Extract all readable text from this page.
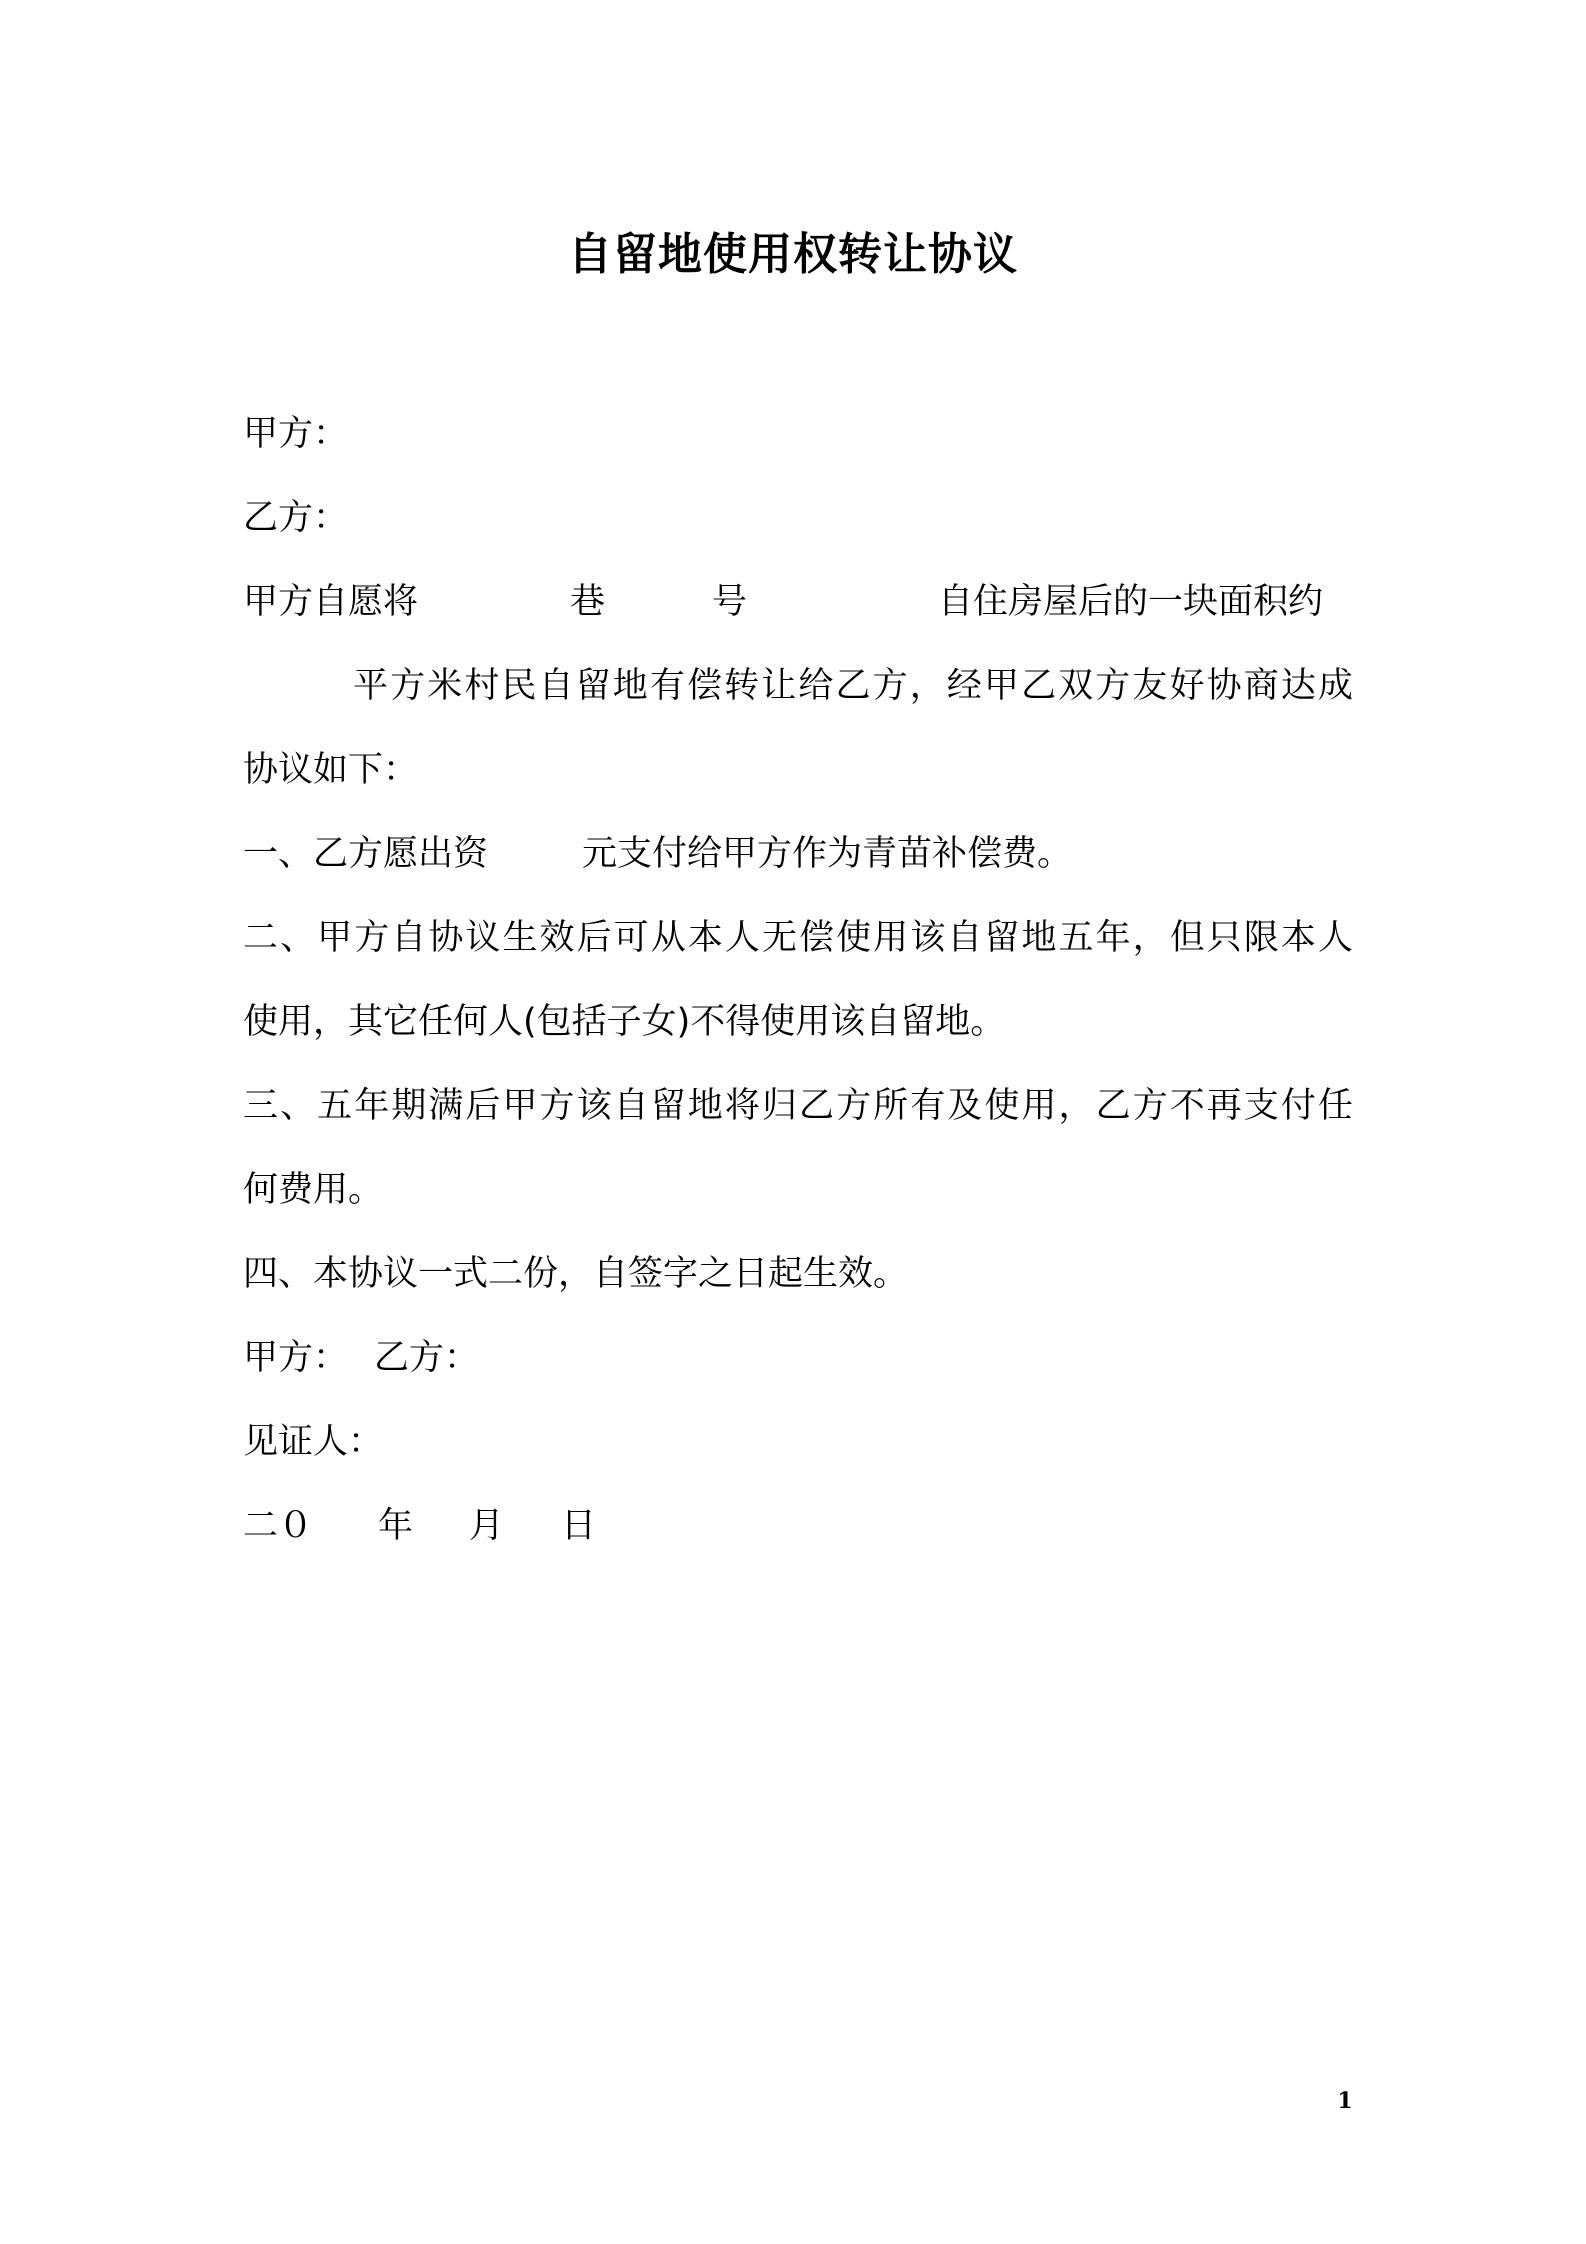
自留地使用权转让协议
甲方：
乙方：
甲方自愿将	巷	号	自住房屋后的一块面积约
平方米村民自留地有偿转让给乙方，经甲乙双方友好协商达成
协议如下：
一、乙方愿出资	元支付给甲方作为青苗补偿费。
二、甲方自协议生效后可从本人无偿使用该自留地五年，但只限本人
使用，其它任何人(包括子女)不得使用该自留地。
三、五年期满后甲方该自留地将归乙方所有及使用，乙方不再支付任
何费用。
四、本协议一式二份，自签字之日起生效。
甲方： 乙方：
见证人：
二０ 年 月 日
1
